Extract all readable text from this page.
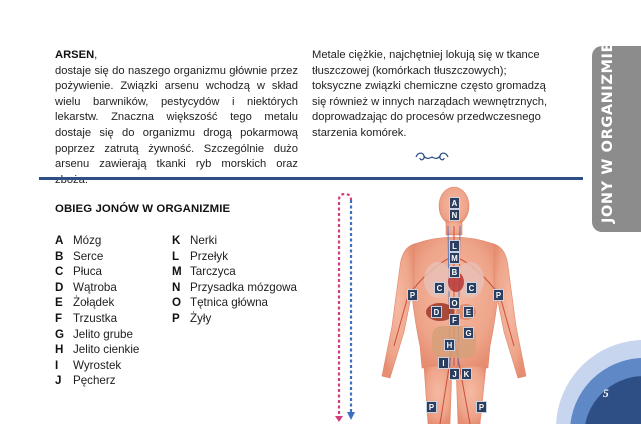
ARSEN,
dostaje się do naszego organizmu głównie przez pożywienie. Związki arsenu wchodzą w skład wielu barwników, pestycydów i niektórych lekarstw. Znaczna większość tego metalu dostaje się do organizmu drogą pokarmową poprzez zatrutą żywność. Szczególnie dużo arsenu zawierają tkanki ryb morskich oraz
Metale ciężkie, najchętniej lokują się w tkance tłuszczowej (komórkach tłuszczowych); toksyczne związki chemiczne często gromadzą się również w innych narządach wewnętrznych, doprowadzając do procesów przedwczesnego starzenia komórek.	JONY W ORGANIZMIE
OBIEG JONÓW W ORGANIZMIE
A Mózg
B Serce
C Płuca
D Wątroba
E Żołądek
F Trzustka
G Jelito grube
H Jelito cienkie
I	Wyrostek
J Pęcherz
K Nerki
L Przełyk
M Tarczyca
N Przysadka mózgowa
O Tętnica główna
P Żyły
5
A
N
L
M
B
C	C
P	P
D
O
E
F
G
H
I
J K
P	P
